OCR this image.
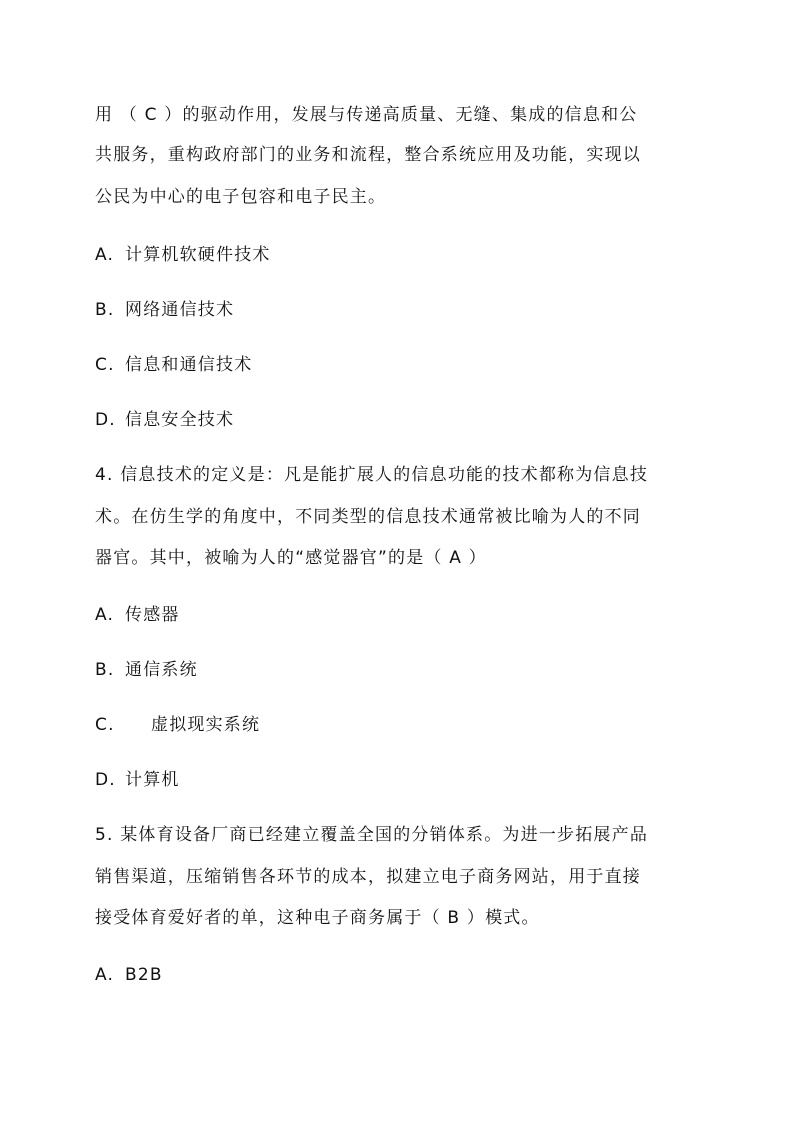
用 （ C ）的驱动作用，发展与传递高质量、无缝、集成的信息和公
共服务，重构政府部门的业务和流程，整合系统应用及功能，实现以
公民为中心的电子包容和电子民主。
A. 计算机软硬件技术
B. 网络通信技术
C. 信息和通信技术
D. 信息安全技术
4. 信息技术的定义是：凡是能扩展人的信息功能的技术都称为信息技
术。在仿生学的角度中，不同类型的信息技术通常被比喻为人的不同
器官。其中，被喻为人的“感觉器官”的是（ A ）
A. 传感器
B. 通信系统
C. 虚拟现实系统
D. 计算机
5. 某体育设备厂商已经建立覆盖全国的分销体系。为进一步拓展产品
销售渠道，压缩销售各环节的成本，拟建立电子商务网站，用于直接
接受体育爱好者的单，这种电子商务属于（ B ）模式。
A. B2B
